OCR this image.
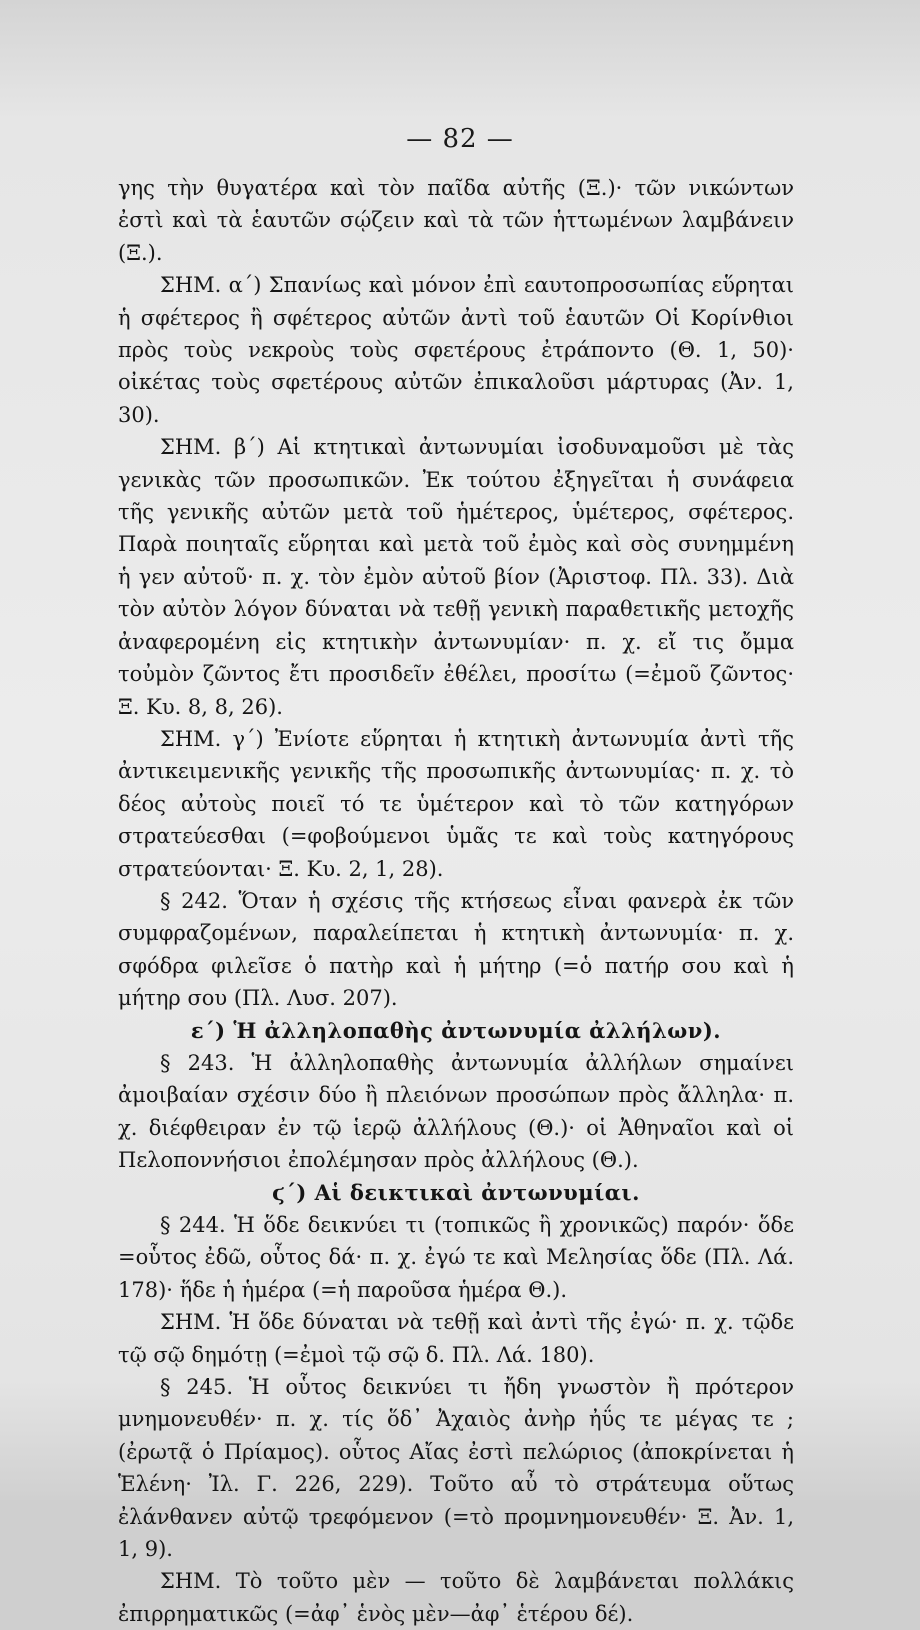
— 82 —

γης τὴν θυγατέρα καὶ τὸν παῖδα αὐτῆς (Ξ.)· τῶν νικώντων ἐστὶ καὶ τὰ ἑαυτῶν σῴζειν καὶ τὰ τῶν ἡττωμένων λαμβάνειν (Ξ.).

ΣΗΜ. α΄) Σπανίως καὶ μόνον ἐπὶ εαυτοπροσωπίας εὕρηται ἡ σφέτερος ἢ σφέτερος αὐτῶν ἀντὶ τοῦ ἑαυτῶν Οἱ Κορίνθιοι πρὸς τοὺς νεκροὺς τοὺς σφετέρους ἐτράποντο (Θ. 1, 50)· οἰκέτας τοὺς σφετέρους αὐτῶν ἐπικαλοῦσι μάρτυρας (Ἀν. 1, 30).

ΣΗΜ. β΄) Αἱ κτητικαὶ ἀντωνυμίαι ἰσοδυναμοῦσι μὲ τὰς γενικὰς τῶν προσωπικῶν. Ἐκ τούτου ἐξηγεῖται ἡ συνάφεια τῆς γενικῆς αὐτῶν μετὰ τοῦ ἡμέτερος, ὑμέτερος, σφέτερος. Παρὰ ποιηταῖς εὕρηται καὶ μετὰ τοῦ ἐμὸς καὶ σὸς συνημμένη ἡ γεν αὐτοῦ· π. χ. τὸν ἐμὸν αὐτοῦ βίον (Ἀριστοφ. Πλ. 33). Διὰ τὸν αὐτὸν λόγον δύναται νὰ τεθῇ γενικὴ παραθετικῆς μετοχῆς ἀναφερομένη εἰς κτητικὴν ἀντωνυμίαν· π. χ. εἴ τις ὄμμα τοὐμὸν ζῶντος ἔτι προσιδεῖν ἐθέλει, προσίτω (=ἐμοῦ ζῶντος· Ξ. Κυ. 8, 8, 26).

ΣΗΜ. γ΄) Ἐνίοτε εὕρηται ἡ κτητικὴ ἀντωνυμία ἀντὶ τῆς ἀντικειμενικῆς γενικῆς τῆς προσωπικῆς ἀντωνυμίας· π. χ. τὸ δέος αὐτοὺς ποιεῖ τό τε ὑμέτερον καὶ τὸ τῶν κατηγόρων στρατεύεσθαι (=φοβούμενοι ὑμᾶς τε καὶ τοὺς κατηγόρους στρατεύονται· Ξ. Κυ. 2, 1, 28).

§ 242. Ὅταν ἡ σχέσις τῆς κτήσεως εἶναι φανερὰ ἐκ τῶν συμφραζομένων, παραλείπεται ἡ κτητικὴ ἀντωνυμία· π. χ. σφόδρα φιλεῖσε ὁ πατὴρ καὶ ἡ μήτηρ (=ὁ πατήρ σου καὶ ἡ μήτηρ σου (Πλ. Λυσ. 207).

ε΄) Ἡ ἀλληλοπαθὴς ἀντωνυμία ἀλλήλων).

§ 243. Ἡ ἀλληλοπαθὴς ἀντωνυμία ἀλλήλων σημαίνει ἀμοιβαίαν σχέσιν δύο ἢ πλειόνων προσώπων πρὸς ἄλληλα· π. χ. διέφθειραν ἐν τῷ ἱερῷ ἀλλήλους (Θ.)· οἱ Ἀθηναῖοι καὶ οἱ Πελοποννήσιοι ἐπολέμησαν πρὸς ἀλλήλους (Θ.).

ϛ΄) Αἱ δεικτικαὶ ἀντωνυμίαι.

§ 244. Ἡ ὅδε δεικνύει τι (τοπικῶς ἢ χρονικῶς) παρόν· ὅδε =οὗτος ἐδῶ, οὗτος δά· π. χ. ἐγώ τε καὶ Μελησίας ὅδε (Πλ. Λά. 178)· ἥδε ἡ ἡμέρα (=ἡ παροῦσα ἡμέρα Θ.).

ΣΗΜ. Ἡ ὅδε δύναται νὰ τεθῇ καὶ ἀντὶ τῆς ἐγώ· π. χ. τῷδε τῷ σῷ δημότῃ (=ἐμοὶ τῷ σῷ δ. Πλ. Λά. 180).

§ 245. Ἡ οὗτος δεικνύει τι ἤδη γνωστὸν ἢ πρότερον μνημονευθέν· π. χ. τίς ὅδ᾽ Ἀχαιὸς ἀνὴρ ἠΰς τε μέγας τε ; (ἐρωτᾷ ὁ Πρίαμος). οὗτος Αἴας ἐστὶ πελώριος (ἀποκρίνεται ἡ Ἑλένη· Ἰλ. Γ. 226, 229). Τοῦτο αὖ τὸ στράτευμα οὕτως ἐλάνθανεν αὐτῷ τρεφόμενον (=τὸ προμνημονευθέν· Ξ. Ἀν. 1, 1, 9).

ΣΗΜ. Τὸ τοῦτο μὲν — τοῦτο δὲ λαμβάνεται πολλάκις ἐπιρρηματικῶς (=ἀφ᾽ ἑνὸς μὲν—ἀφ᾽ ἑτέρου δέ).
